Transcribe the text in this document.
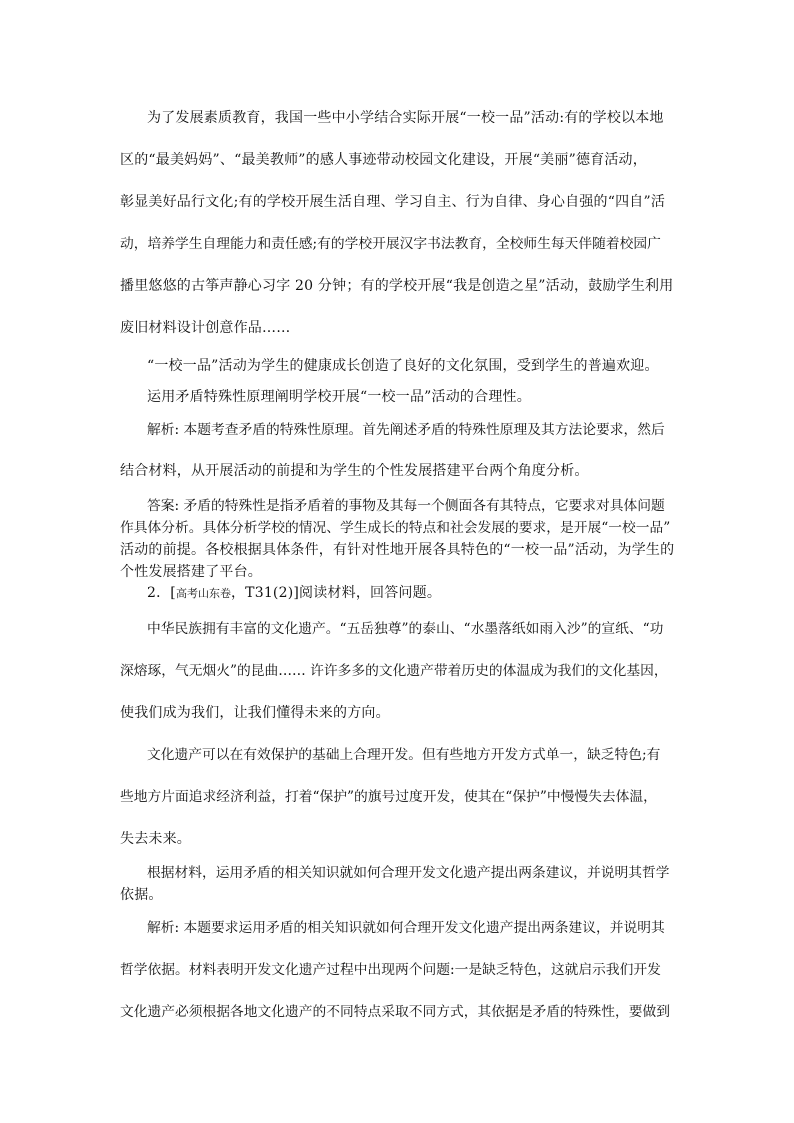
为了发展素质教育，我国一些中小学结合实际开展“一校一品”活动:有的学校以本地

区的“最美妈妈”、“最美教师”的感人事迹带动校园文化建设，开展“美丽”德育活动，

彰显美好品行文化;有的学校开展生活自理、学习自主、行为自律、身心自强的“四自”活

动，培养学生自理能力和责任感;有的学校开展汉字书法教育，全校师生每天伴随着校园广

播里悠悠的古筝声静心习字 20 分钟；有的学校开展“我是创造之星”活动，鼓励学生利用

废旧材料设计创意作品……

“一校一品”活动为学生的健康成长创造了良好的文化氛围，受到学生的普遍欢迎。

运用矛盾特殊性原理阐明学校开展“一校一品”活动的合理性。

解析: 本题考查矛盾的特殊性原理。首先阐述矛盾的特殊性原理及其方法论要求，然后

结合材料，从开展活动的前提和为学生的个性发展搭建平台两个角度分析。

答案: 矛盾的特殊性是指矛盾着的事物及其每一个侧面各有其特点，它要求对具体问题

作具体分析。具体分析学校的情况、学生成长的特点和社会发展的要求，是开展“一校一品”

活动的前提。各校根据具体条件，有针对性地开展各具特色的“一校一品”活动，为学生的

个性发展搭建了平台。

2．[高考山东卷，T31(2)]阅读材料，回答问题。

中华民族拥有丰富的文化遗产。“五岳独尊”的泰山、“水墨落纸如雨入沙”的宣纸、“功

深熔琢，气无烟火”的昆曲…… 许许多多的文化遗产带着历史的体温成为我们的文化基因，

使我们成为我们，让我们懂得未来的方向。

文化遗产可以在有效保护的基础上合理开发。但有些地方开发方式单一，缺乏特色;有

些地方片面追求经济利益，打着“保护”的旗号过度开发，使其在“保护”中慢慢失去体温，

失去未来。

根据材料，运用矛盾的相关知识就如何合理开发文化遗产提出两条建议，并说明其哲学

依据。

解析: 本题要求运用矛盾的相关知识就如何合理开发文化遗产提出两条建议，并说明其

哲学依据。材料表明开发文化遗产过程中出现两个问题:一是缺乏特色，这就启示我们开发

文化遗产必须根据各地文化遗产的不同特点采取不同方式，其依据是矛盾的特殊性，要做到
